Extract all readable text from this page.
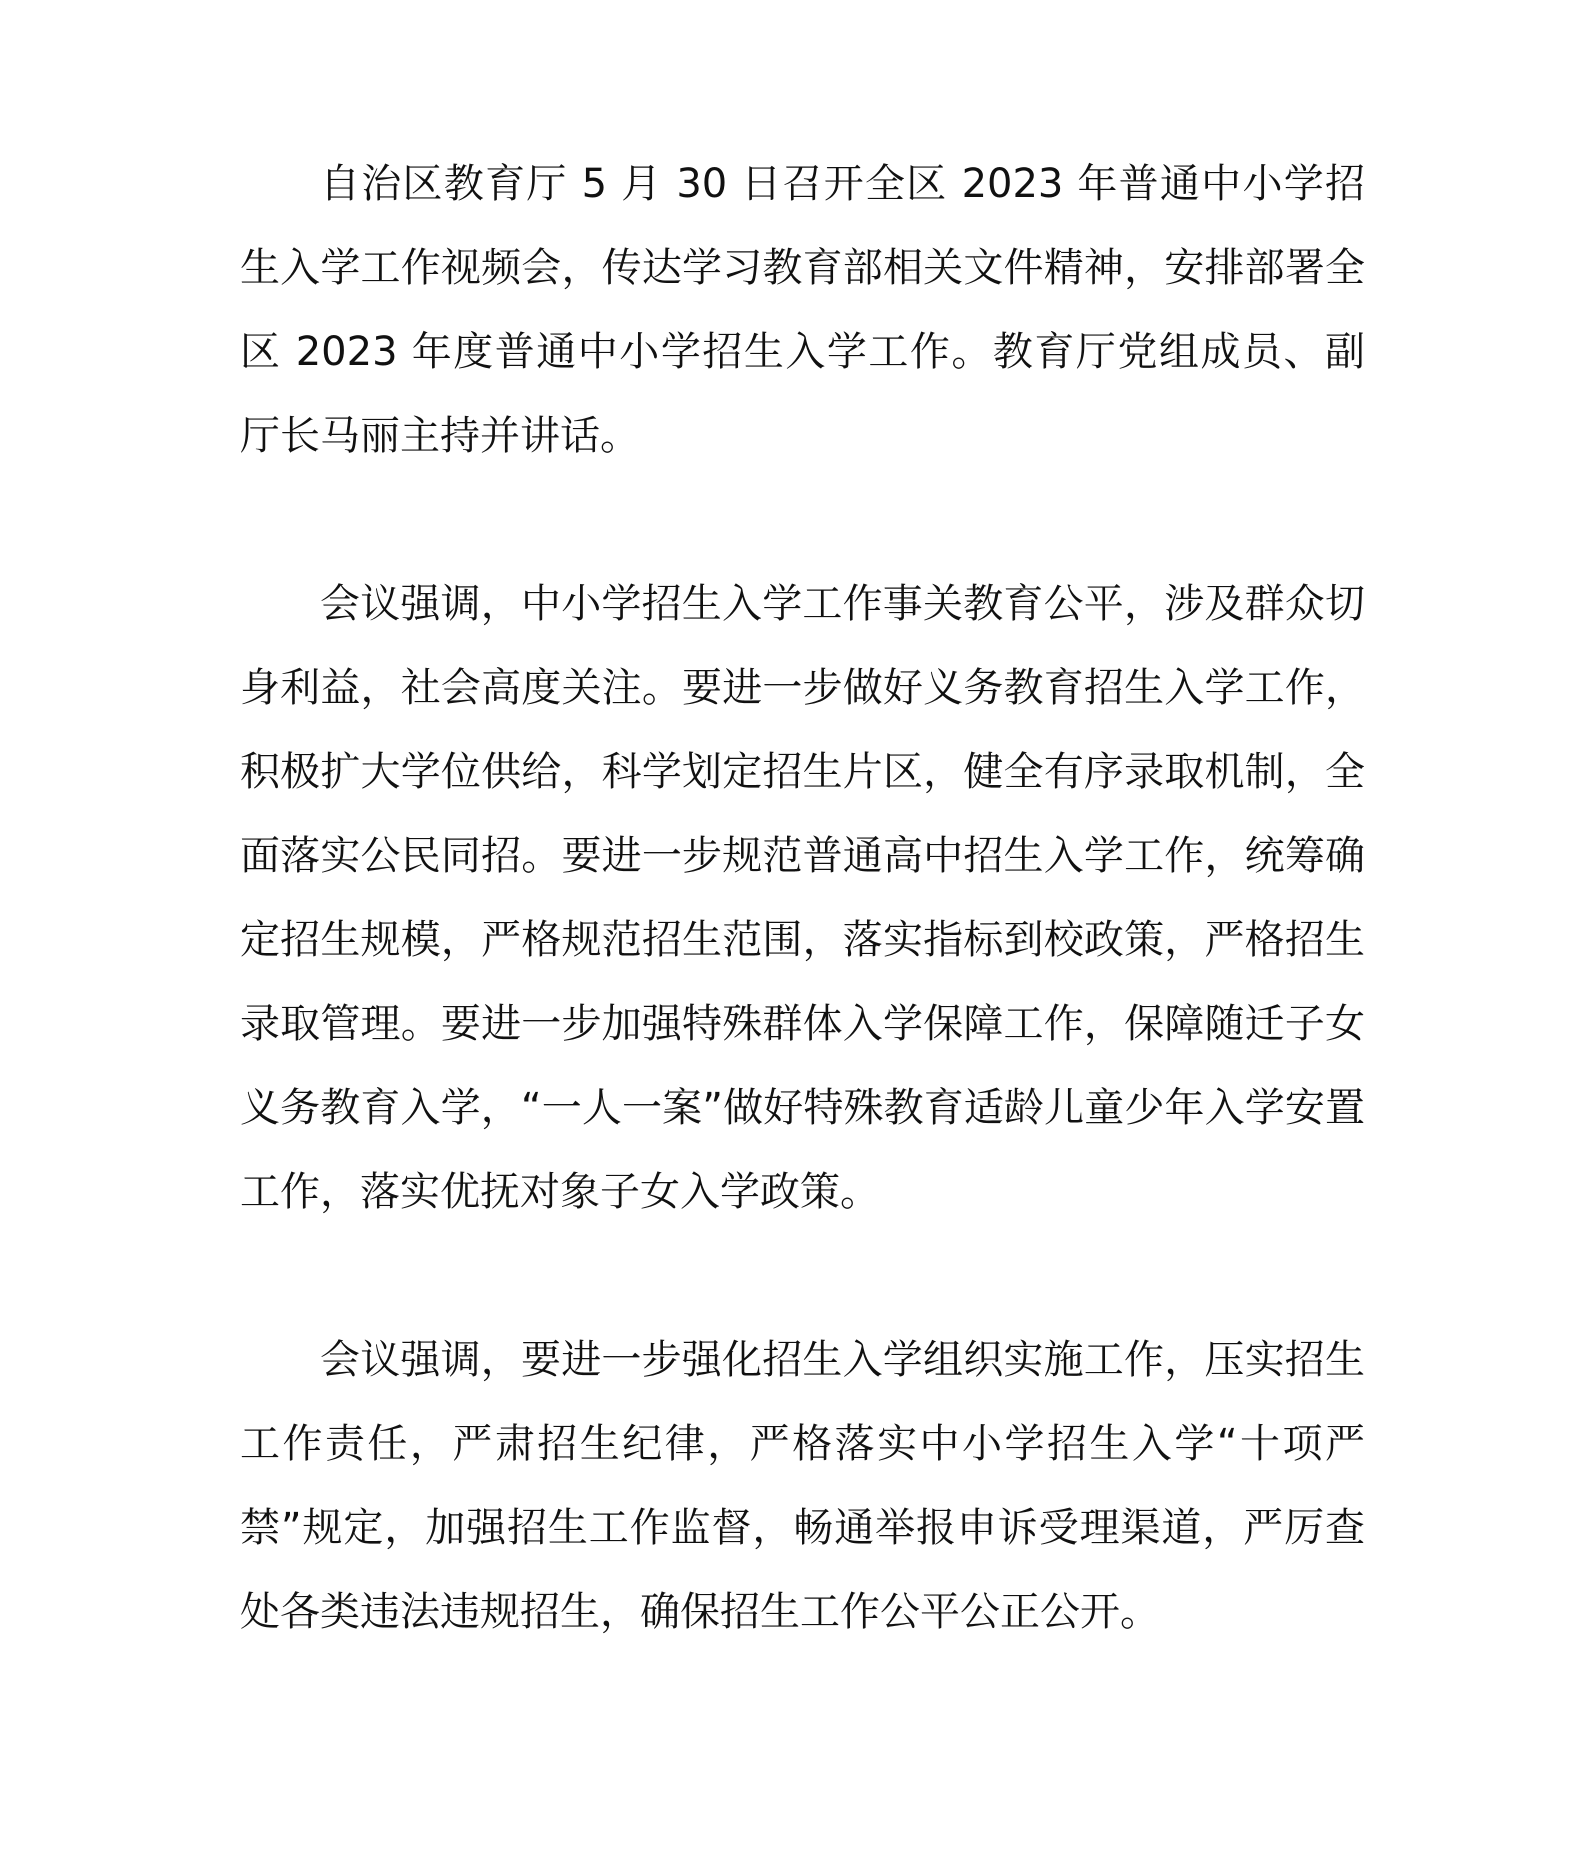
自治区教育厅 5 月 30 日召开全区 2023 年普通中小学招生入学工作视频会，传达学习教育部相关文件精神，安排部署全区 2023 年度普通中小学招生入学工作。教育厅党组成员、副厅长马丽主持并讲话。

会议强调，中小学招生入学工作事关教育公平，涉及群众切身利益，社会高度关注。要进一步做好义务教育招生入学工作，积极扩大学位供给，科学划定招生片区，健全有序录取机制，全面落实公民同招。要进一步规范普通高中招生入学工作，统筹确定招生规模，严格规范招生范围，落实指标到校政策，严格招生录取管理。要进一步加强特殊群体入学保障工作，保障随迁子女义务教育入学，“一人一案”做好特殊教育适龄儿童少年入学安置工作，落实优抚对象子女入学政策。

会议强调，要进一步强化招生入学组织实施工作，压实招生工作责任，严肃招生纪律，严格落实中小学招生入学“十项严禁”规定，加强招生工作监督，畅通举报申诉受理渠道，严厉查处各类违法违规招生，确保招生工作公平公正公开。
